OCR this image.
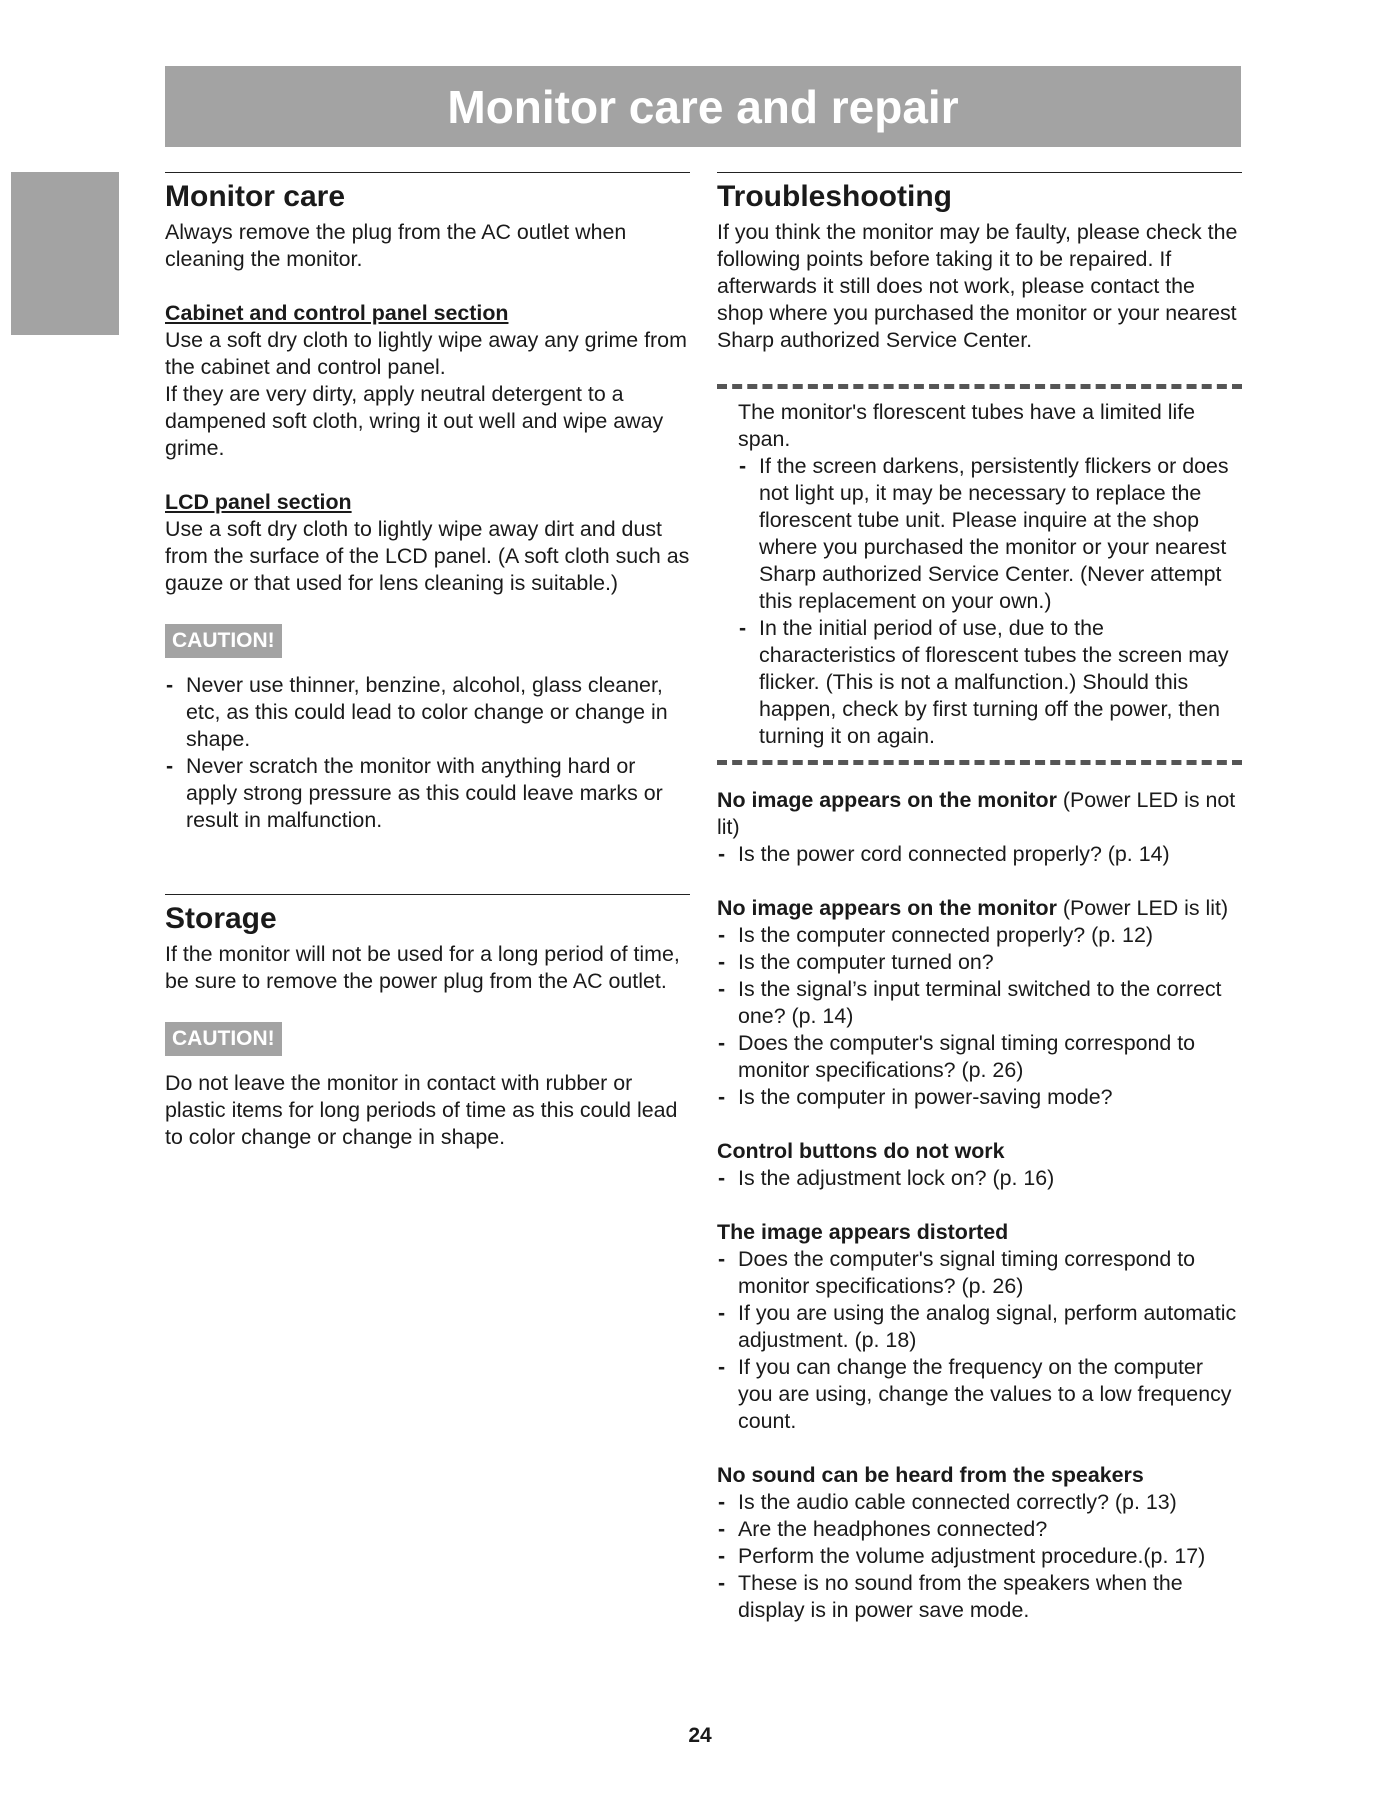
Monitor care and repair
Monitor care

Always remove the plug from the AC outlet when cleaning the monitor.

Cabinet and control panel section

Use a soft dry cloth to lightly wipe away any grime from the cabinet and control panel.

If they are very dirty, apply neutral detergent to a dampened soft cloth, wring it out well and wipe away grime.

LCD panel section

Use a soft dry cloth to lightly wipe away dirt and dust from the surface of the LCD panel. (A soft cloth such as gauze or that used for lens cleaning is suitable.)

CAUTION!
- Never use thinner, benzine, alcohol, glass cleaner, etc, as this could lead to color change or change in shape.
- Never scratch the monitor with anything hard or apply strong pressure as this could leave marks or result in malfunction.
Storage

If the monitor will not be used for a long period of time, be sure to remove the power plug from the AC outlet.

CAUTION!

Do not leave the monitor in contact with rubber or plastic items for long periods of time as this could lead to color change or change in shape.

Troubleshooting

If you think the monitor may be faulty, please check the following points before taking it to be repaired. If afterwards it still does not work, please contact the shop where you purchased the monitor or your nearest Sharp authorized Service Center.

The monitor's florescent tubes have a limited life span.

- If the screen darkens, persistently flickers or does not light up, it may be necessary to replace the florescent tube unit. Please inquire at the shop where you purchased the monitor or your nearest Sharp authorized Service Center. (Never attempt this replacement on your own.)
- In the initial period of use, due to the characteristics of florescent tubes the screen may flicker. (This is not a malfunction.) Should this happen, check by first turning off the power, then turning it on again.

No image appears on the monitor (Power LED is not lit)

- Is the power cord connected properly? (p. 14)

No image appears on the monitor (Power LED is lit)

- Is the computer connected properly? (p. 12)
- Is the computer turned on?
- Is the signal’s input terminal switched to the correct one? (p. 14)
- Does the computer's signal timing correspond to monitor specifications? (p. 26)
- Is the computer in power-saving mode?

Control buttons do not work

- Is the adjustment lock on? (p. 16)

The image appears distorted

- Does the computer's signal timing correspond to monitor specifications? (p. 26)
- If you are using the analog signal, perform automatic adjustment. (p. 18)
- If you can change the frequency on the computer you are using, change the values to a low frequency count.

No sound can be heard from the speakers

- Is the audio cable connected correctly? (p. 13)
- Are the headphones connected?
- Perform the volume adjustment procedure.(p. 17)
- These is no sound from the speakers when the display is in power save mode.
24
